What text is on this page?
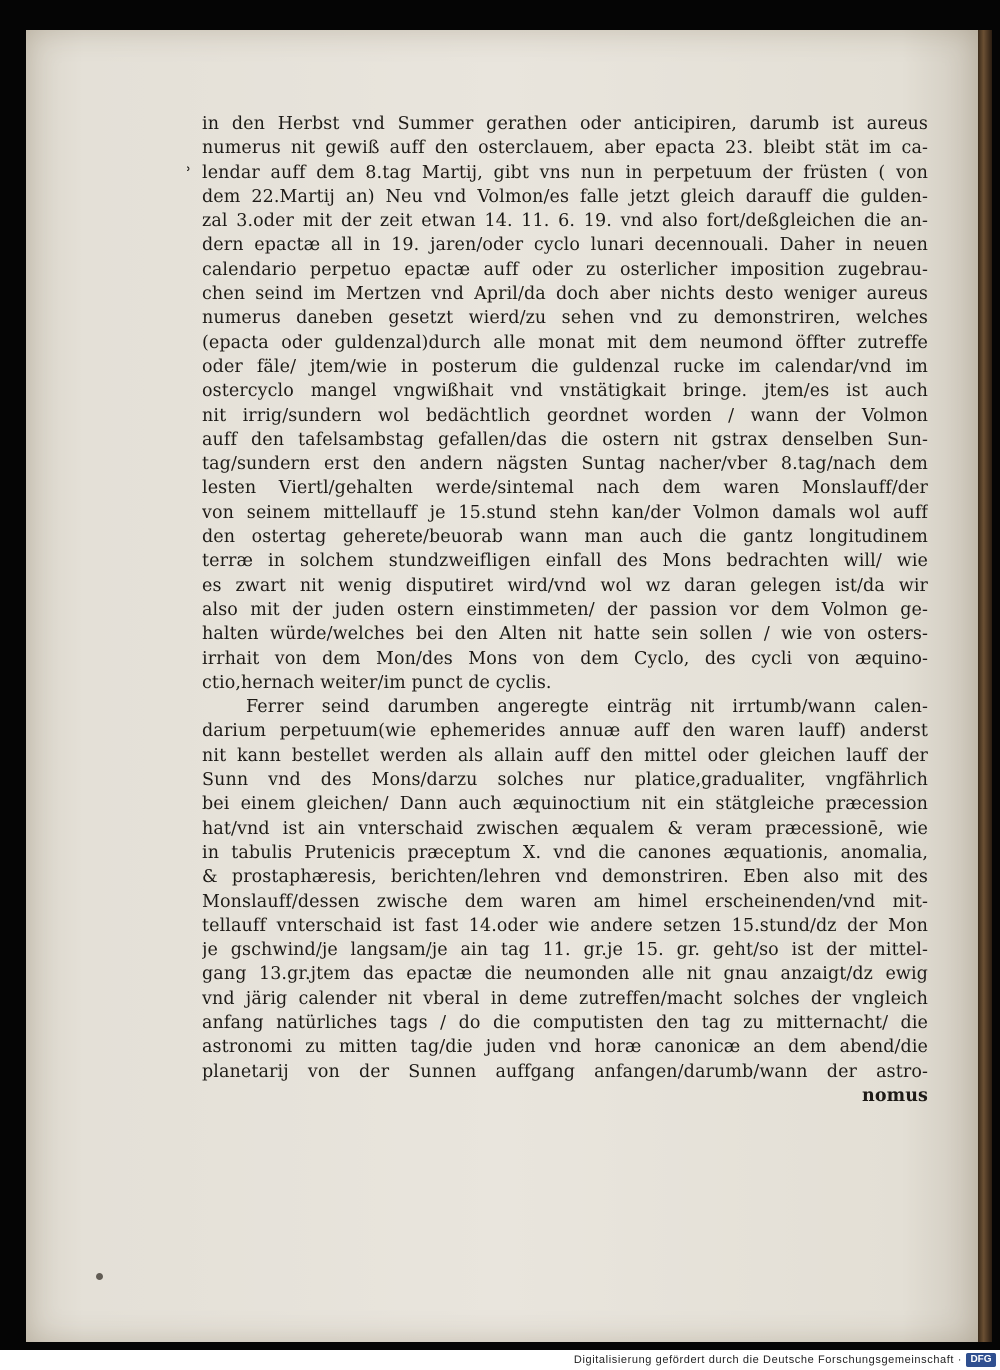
ʾ
in den Herbst vnd Summer gerathen oder anticipiren, darumb ist aureus
numerus nit gewiß auff den osterclauem, aber epacta 23. bleibt stät im ca-
lendar auff dem 8.tag Martij, gibt vns nun in perpetuum der früsten ( von
dem 22.Martij an) Neu vnd Volmon/es falle jetzt gleich darauff die gulden-
zal 3.oder mit der zeit etwan 14. 11. 6. 19. vnd also fort/deßgleichen die an-
dern epactæ all in 19. jaren/oder cyclo lunari decennouali. Daher in neuen
calendario perpetuo epactæ auff oder zu osterlicher imposition zugebrau-
chen seind im Mertzen vnd April/da doch aber nichts desto weniger aureus
numerus daneben gesetzt wierd/zu sehen vnd zu demonstriren, welches
(epacta oder guldenzal)durch alle monat mit dem neumond öffter zutreffe
oder fäle/ jtem/wie in posterum die guldenzal rucke im calendar/vnd im
ostercyclo mangel vngwißhait vnd vnstätigkait bringe. jtem/es ist auch
nit irrig/sundern wol bedächtlich geordnet worden / wann der Volmon
auff den tafelsambstag gefallen/das die ostern nit gstrax denselben Sun-
tag/sundern erst den andern nägsten Suntag nacher/vber 8.tag/nach dem
lesten Viertl/gehalten werde/sintemal nach dem waren Monslauff/der
von seinem mittellauff je 15.stund stehn kan/der Volmon damals wol auff
den ostertag geherete/beuorab wann man auch die gantz longitudinem
terræ in solchem stundzweifligen einfall des Mons bedrachten will/ wie
es zwart nit wenig disputiret wird/vnd wol wz daran gelegen ist/da wir
also mit der juden ostern einstimmeten/ der passion vor dem Volmon ge-
halten würde/welches bei den Alten nit hatte sein sollen / wie von osters-
irrhait von dem Mon/des Mons von dem Cyclo, des cycli von æquino-
ctio,hernach weiter/im punct de cyclis.
Ferrer seind darumben angeregte einträg nit irrtumb/wann calen-
darium perpetuum(wie ephemerides annuæ auff den waren lauff) anderst
nit kann bestellet werden als allain auff den mittel oder gleichen lauff der
Sunn vnd des Mons/darzu solches nur platice,gradualiter, vngfährlich
bei einem gleichen/ Dann auch æquinoctium nit ein stätgleiche præcession
hat/vnd ist ain vnterschaid zwischen æqualem & veram præcessionē, wie
in tabulis Prutenicis præceptum X. vnd die canones æquationis, anomalia,
& prostaphæresis, berichten/lehren vnd demonstriren. Eben also mit des
Monslauff/dessen zwische dem waren am himel erscheinenden/vnd mit-
tellauff vnterschaid ist fast 14.oder wie andere setzen 15.stund/dz der Mon
je gschwind/je langsam/je ain tag 11. gr.je 15. gr. geht/so ist der mittel-
gang 13.gr.jtem das epactæ die neumonden alle nit gnau anzaigt/dz ewig
vnd järig calender nit vberal in deme zutreffen/macht solches der vngleich
anfang natürliches tags / do die computisten den tag zu mitternacht/ die
astronomi zu mitten tag/die juden vnd horæ canonicæ an dem abend/die
planetarij von der Sunnen auffgang anfangen/darumb/wann der astro-
nomus
Digitalisierung gefördert durch die Deutsche Forschungsgemeinschaft · DFG
